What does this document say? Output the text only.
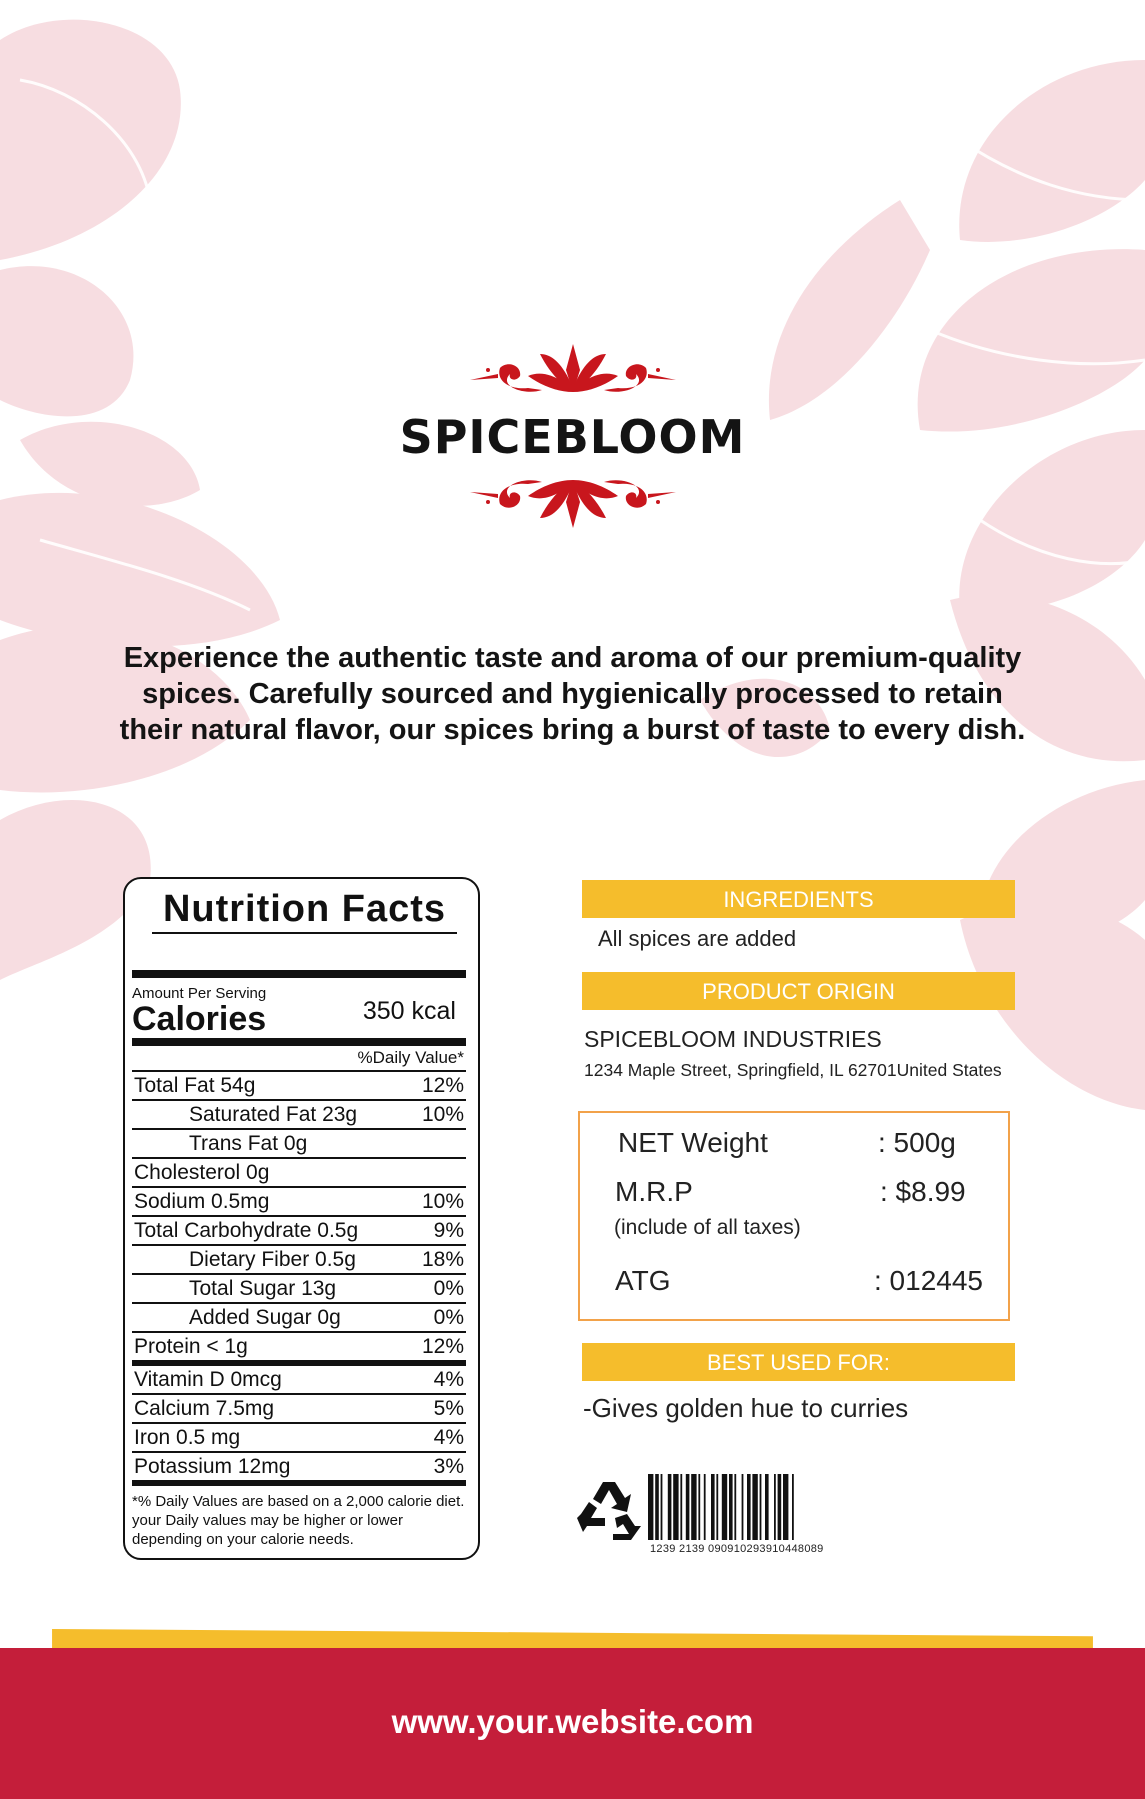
SPICEBLOOM
Experience the authentic taste and aroma of our premium-quality spices. Carefully sourced and hygienically processed to retain their natural flavor, our spices bring a burst of taste to every dish.
Nutrition Facts
Amount Per Serving
Calories	350 kcal
%Daily Value*
Total Fat 54g	12%
Saturated Fat 23g	10%
Trans Fat 0g
Cholesterol 0g
Sodium 0.5mg	10%
Total Carbohydrate 0.5g	9%
Dietary Fiber 0.5g	18%
Total Sugar 13g	0%
Added Sugar 0g	0%
Protein < 1g	12%
Vitamin D 0mcg	4%
Calcium 7.5mg	5%
Iron 0.5 mg	4%
Potassium 12mg	3%
*% Daily Values are based on a 2,000 calorie diet. your Daily values may be higher or lower depending on your calorie needs.
INGREDIENTS
All spices are added
PRODUCT ORIGIN
SPICEBLOOM INDUSTRIES
1234 Maple Street, Springfield, IL 62701United States
NET Weight	: 500g
M.R.P	: $8.99
(include of all taxes)
ATG	: 012445
BEST USED FOR:
-Gives golden hue to curries
1239 2139 090910293910448089
www.your.website.com
